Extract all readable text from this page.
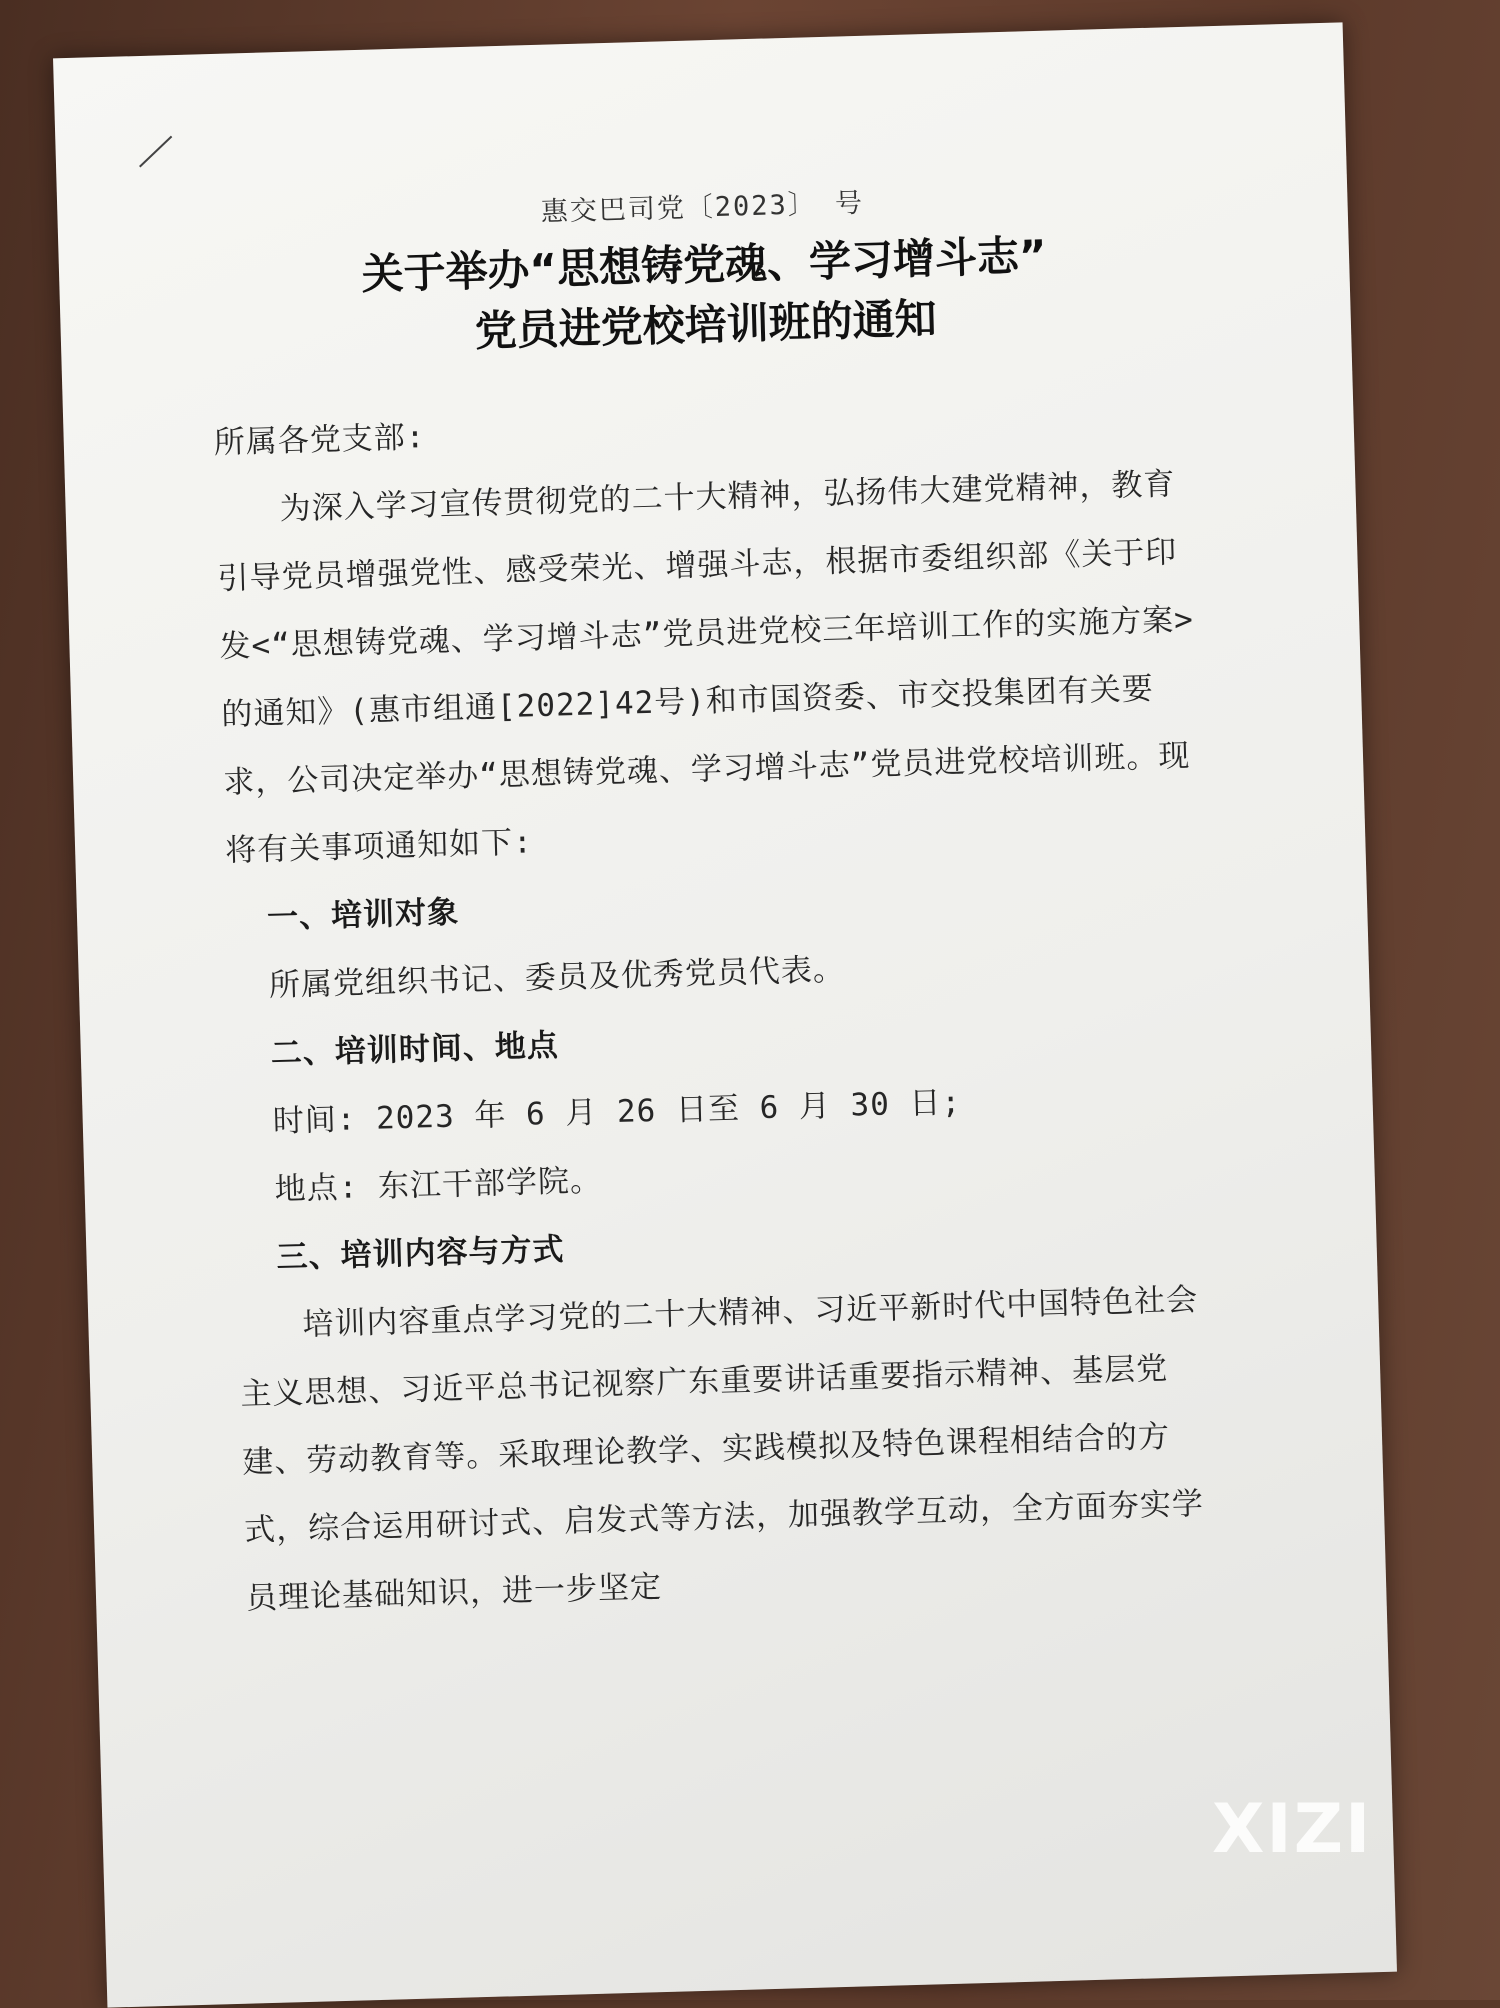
惠交巴司党〔2023〕 号
关于举办“思想铸党魂、学习增斗志”
党员进党校培训班的通知

所属各党支部:

为深入学习宣传贯彻党的二十大精神，弘扬伟大建党精神，教育引导党员增强党性、感受荣光、增强斗志，根据市委组织部《关于印发<“思想铸党魂、学习增斗志”党员进党校三年培训工作的实施方案>的通知》(惠市组通[2022]42号)和市国资委、市交投集团有关要求，公司决定举办“思想铸党魂、学习增斗志”党员进党校培训班。现将有关事项通知如下:

一、培训对象

所属党组织书记、委员及优秀党员代表。

二、培训时间、地点

时间: 2023 年 6 月 26 日至 6 月 30 日;

地点: 东江干部学院。

三、培训内容与方式

培训内容重点学习党的二十大精神、习近平新时代中国特色社会主义思想、习近平总书记视察广东重要讲话重要指示精神、基层党建、劳动教育等。采取理论教学、实践模拟及特色课程相结合的方式，综合运用研讨式、启发式等方法，加强教学互动，全方面夯实学员理论基础知识，进一步坚定

XIZI
